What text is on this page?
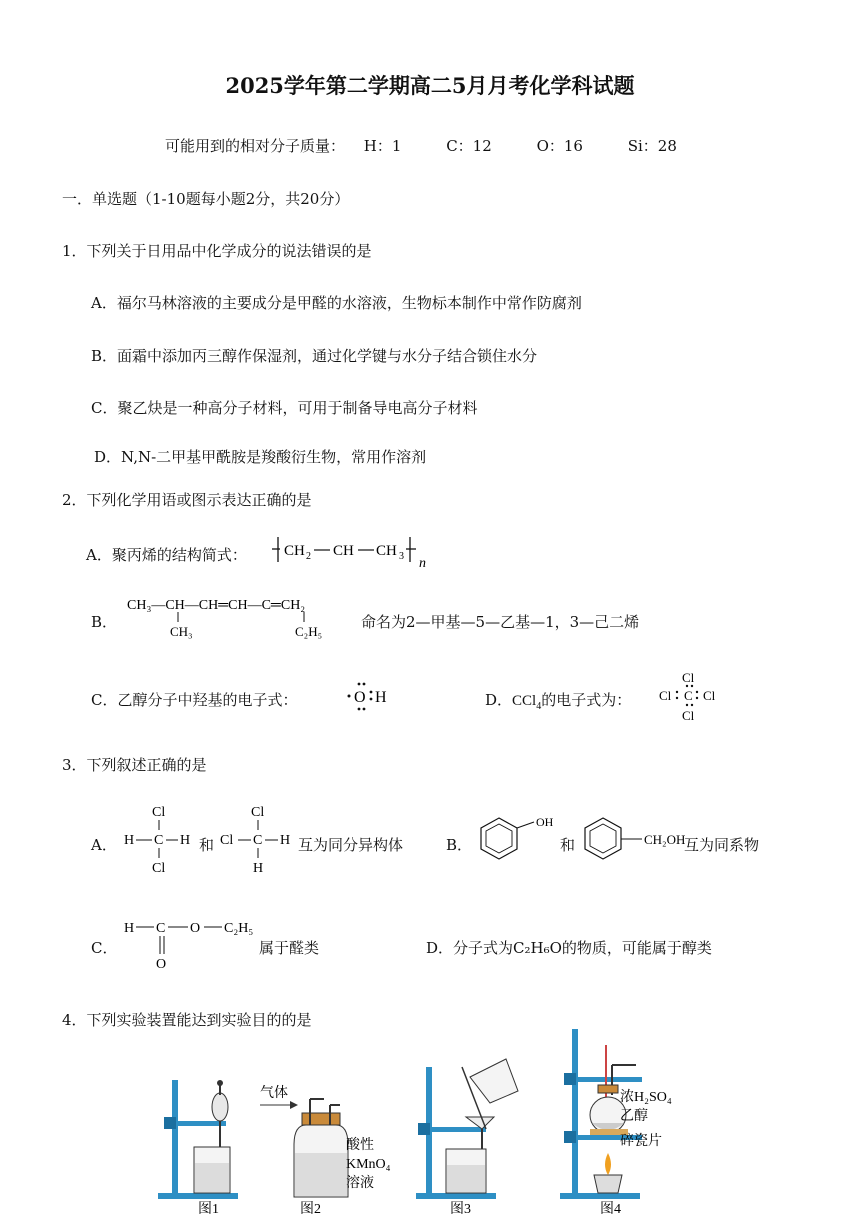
2025学年第二学期高二5月月考化学科试题
可能用到的相对分子质量： H：1	C：12	O：16	Si：28
一．单选题（1-10题每小题2分，共20分）
1．下列关于日用品中化学成分的说法错误的是
A．福尔马林溶液的主要成分是甲醛的水溶液，生物标本制作中常作防腐剂
B．面霜中添加丙三醇作保湿剂，通过化学键与水分子结合锁住水分
C．聚乙炔是一种高分子材料，可用于制备导电高分子材料
D．N,N-二甲基甲酰胺是羧酸衍生物，常用作溶剂
2．下列化学用语或图示表达正确的是
A．聚丙烯的结构简式： CH 2 CH CH 3 n
B．
CH₃—CH—CH═CH—C═CH₂
CH₃	C₂H₅
命名为2—甲基—5—乙基—1，3—己二烯
C．乙醇分子中羟基的电子式：	O H	D．CCl$_4$的电子式为：
Cl
Cl C Cl
Cl
3．下列叙述正确的是
A．
Cl
H C H
Cl
和
Cl
Cl C H
H
互为同分异构体	B．
OH
和	CH₂OH
互为同系物
C．
H C O C₂H₅
O
属于醛类	D．分子式为C₂H₆O的物质，可能属于醇类
4．下列实验装置能达到实验目的的是
图1
气体
酸性
KMnO₄
溶液
图2	图3
浓H₂SO₄
乙醇
碎瓷片
图4
